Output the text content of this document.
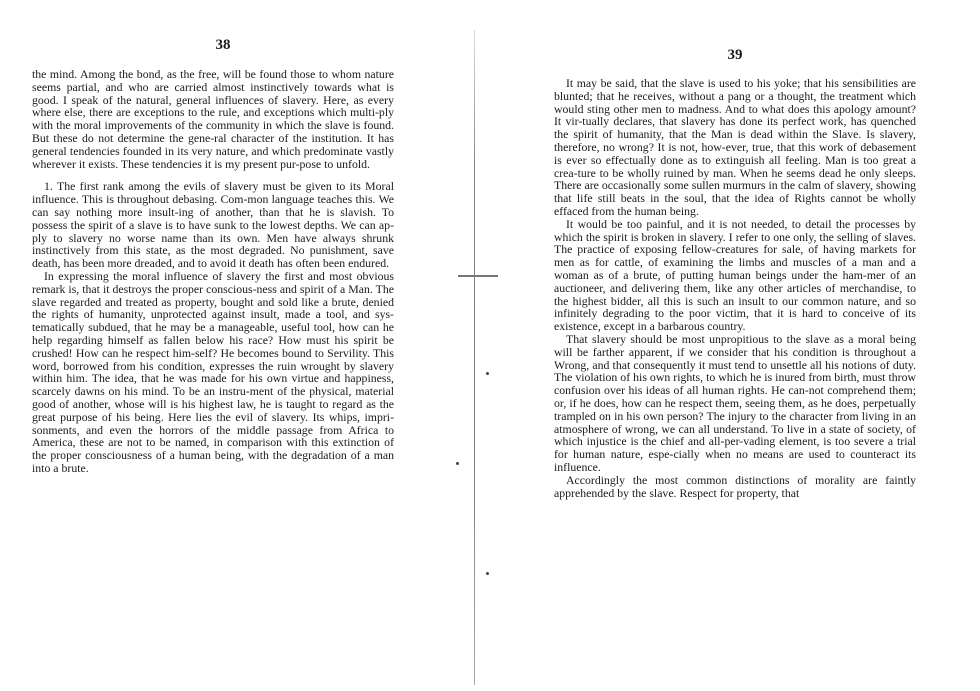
38

the mind. Among the bond, as the free, will be found those to whom nature seems partial, and who are carried almost instinctively towards what is good. I speak of the natural, general influences of slavery. Here, as every where else, there are exceptions to the rule, and exceptions which multi-ply with the moral improvements of the community in which the slave is found. But these do not determine the gene-ral character of the institution. It has general tendencies founded in its very nature, and which predominate vastly wherever it exists. These tendencies it is my present pur-pose to unfold.

1. The first rank among the evils of slavery must be given to its Moral influence. This is throughout debasing. Com-mon language teaches this. We can say nothing more insult-ing of another, than that he is slavish. To possess the spirit of a slave is to have sunk to the lowest depths. We can ap-ply to slavery no worse name than its own. Men have always shrunk instinctively from this state, as the most degraded. No punishment, save death, has been more dreaded, and to avoid it death has often been endured.

In expressing the moral influence of slavery the first and most obvious remark is, that it destroys the proper conscious-ness and spirit of a Man. The slave regarded and treated as property, bought and sold like a brute, denied the rights of humanity, unprotected against insult, made a tool, and sys-tematically subdued, that he may be a manageable, useful tool, how can he help regarding himself as fallen below his race? How must his spirit be crushed! How can he respect him-self? He becomes bound to Servility. This word, borrowed from his condition, expresses the ruin wrought by slavery within him. The idea, that he was made for his own virtue and happiness, scarcely dawns on his mind. To be an instru-ment of the physical, material good of another, whose will is his highest law, he is taught to regard as the great purpose of his being. Here lies the evil of slavery. Its whips, impri-sonments, and even the horrors of the middle passage from Africa to America, these are not to be named, in comparison with this extinction of the proper consciousness of a human being, with the degradation of a man into a brute.

39

It may be said, that the slave is used to his yoke; that his sensibilities are blunted; that he receives, without a pang or a thought, the treatment which would sting other men to madness. And to what does this apology amount? It vir-tually declares, that slavery has done its perfect work, has quenched the spirit of humanity, that the Man is dead within the Slave. Is slavery, therefore, no wrong? It is not, how-ever, true, that this work of debasement is ever so effectually done as to extinguish all feeling. Man is too great a crea-ture to be wholly ruined by man. When he seems dead he only sleeps. There are occasionally some sullen murmurs in the calm of slavery, showing that life still beats in the soul, that the idea of Rights cannot be wholly effaced from the human being.

It would be too painful, and it is not needed, to detail the processes by which the spirit is broken in slavery. I refer to one only, the selling of slaves. The practice of exposing fellow-creatures for sale, of having markets for men as for cattle, of examining the limbs and muscles of a man and a woman as of a brute, of putting human beings under the ham-mer of an auctioneer, and delivering them, like any other articles of merchandise, to the highest bidder, all this is such an insult to our common nature, and so infinitely degrading to the poor victim, that it is hard to conceive of its existence, except in a barbarous country.

That slavery should be most unpropitious to the slave as a moral being will be farther apparent, if we consider that his condition is throughout a Wrong, and that consequently it must tend to unsettle all his notions of duty. The violation of his own rights, to which he is inured from birth, must throw confusion over his ideas of all human rights. He can-not comprehend them; or, if he does, how can he respect them, seeing them, as he does, perpetually trampled on in his own person? The injury to the character from living in an atmosphere of wrong, we can all understand. To live in a state of society, of which injustice is the chief and all-per-vading element, is too severe a trial for human nature, espe-cially when no means are used to counteract its influence.

Accordingly the most common distinctions of morality are faintly apprehended by the slave. Respect for property, that
